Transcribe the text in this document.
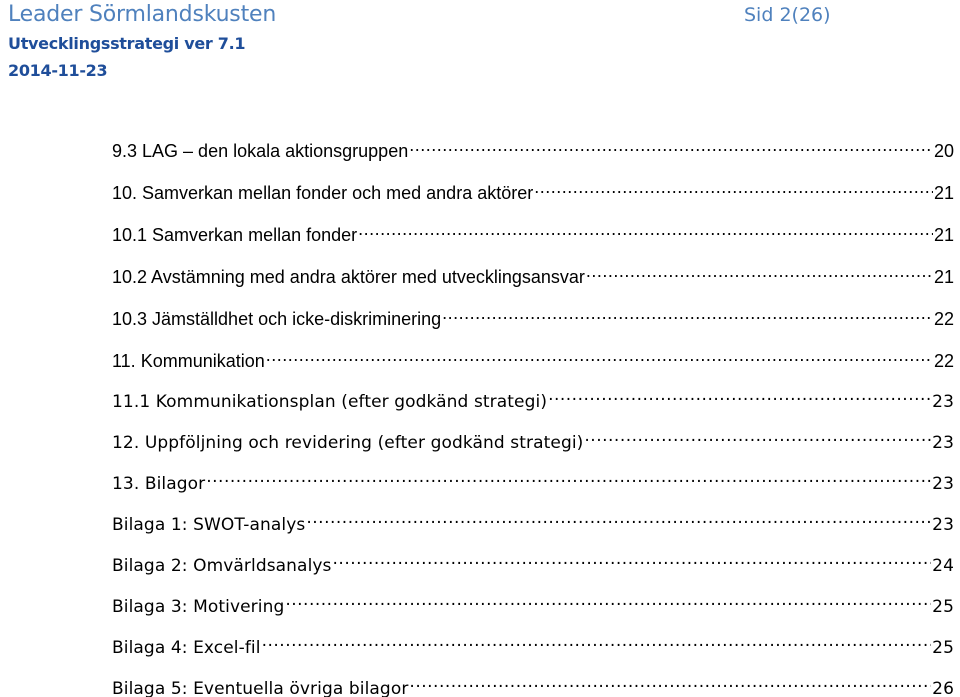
Leader Sörmlandskusten	Sid 2(26)
Utvecklingsstrategi ver 7.1
2014-11-23
9.3 LAG – den lokala aktionsgruppen .....	20
10. Samverkan mellan fonder och med andra aktörer .....	21
10.1 Samverkan mellan fonder .....	21
10.2 Avstämning med andra aktörer med utvecklingsansvar .....	21
10.3 Jämställdhet och icke-diskriminering .....	22
11. Kommunikation .....	22
11.1 Kommunikationsplan (efter godkänd strategi) .....	23
12. Uppföljning och revidering (efter godkänd strategi) .....	23
13. Bilagor .....	23
Bilaga 1: SWOT-analys .....	23
Bilaga 2: Omvärldsanalys .....	24
Bilaga 3: Motivering .....	25
Bilaga 4: Excel-fil .....	25
Bilaga 5: Eventuella övriga bilagor .....	26
